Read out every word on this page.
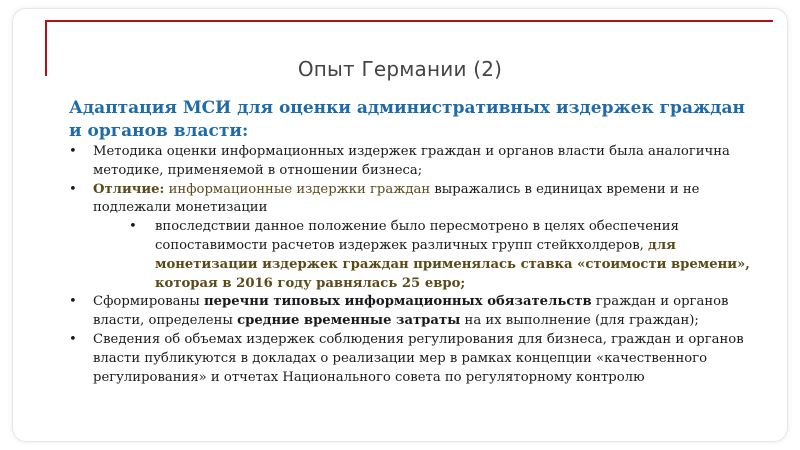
Опыт Германии (2)
Адаптация МСИ для оценки административных издержек граждан и органов власти:
• Методика оценки информационных издержек граждан и органов власти была аналогична методике, применяемой в отношении бизнеса;
• Отличие: информационные издержки граждан выражались в единицах времени и не подлежали монетизации
• впоследствии данное положение было пересмотрено в целях обеспечения сопоставимости расчетов издержек различных групп стейкхолдеров, для монетизации издержек граждан применялась ставка «стоимости времени», которая в 2016 году равнялась 25 евро;
• Сформированы перечни типовых информационных обязательств граждан и органов власти, определены средние временные затраты на их выполнение (для граждан);
• Сведения об объемах издержек соблюдения регулирования для бизнеса, граждан и органов власти публикуются в докладах о реализации мер в рамках концепции «качественного регулирования» и отчетах Национального совета по регуляторному контролю
